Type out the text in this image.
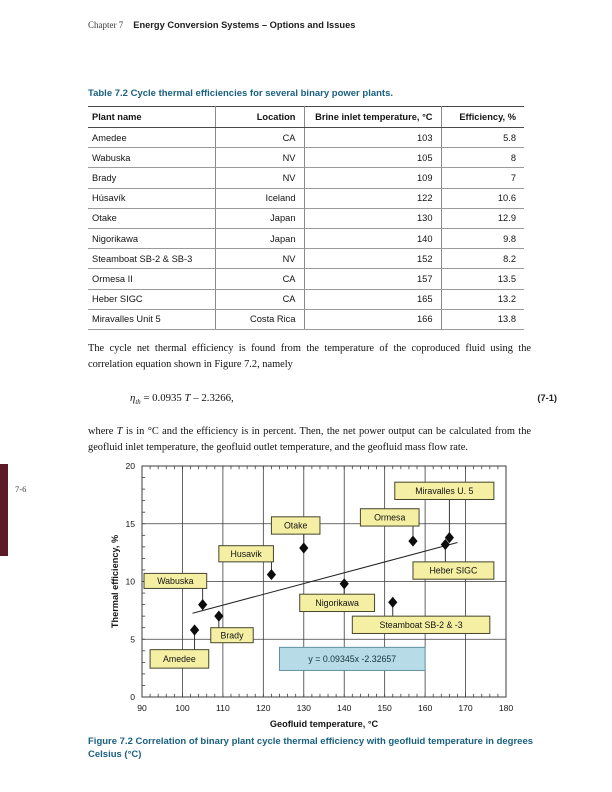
Chapter 7 Energy Conversion Systems – Options and Issues
7-6
Table 7.2 Cycle thermal efficiencies for several binary power plants.
Plant name	Location	Brine inlet temperature, °C	Efficiency, %
Amedee	CA	103	5.8
Wabuska	NV	105	8
Brady	NV	109	7
Húsavík	Iceland	122	10.6
Otake	Japan	130	12.9
Nigorikawa	Japan	140	9.8
Steamboat SB-2 & SB-3	NV	152	8.2
Ormesa II	CA	157	13.5
Heber SIGC	CA	165	13.2
Miravalles Unit 5	Costa Rica	166	13.8

The cycle net thermal efficiency is found from the temperature of the coproduced fluid using the correlation equation shown in Figure 7.2, namely

$\eta_{th} = 0.0935$ T – 2.3266,	(7-1)

where T is in °C and the efficiency is in percent. Then, the net power output can be calculated from the geofluid inlet temperature, the geofluid outlet temperature, and the geofluid mass flow rate.

Amedee
Wabuska
Brady
Husavik
Otake
Ormesa
Miravalles U. 5
Heber SIGC
Nigorikawa
Steamboat SB-2 & -3
y = 0.09345x -2.32657
90	100	110	120	130	140	150	160	170	180
0
5
10
15
20
Geofluid temperature, °C
Thermal efficiency, %
Figure 7.2 Correlation of binary plant cycle thermal efficiency with geofluid temperature in degrees Celsius (°C)
